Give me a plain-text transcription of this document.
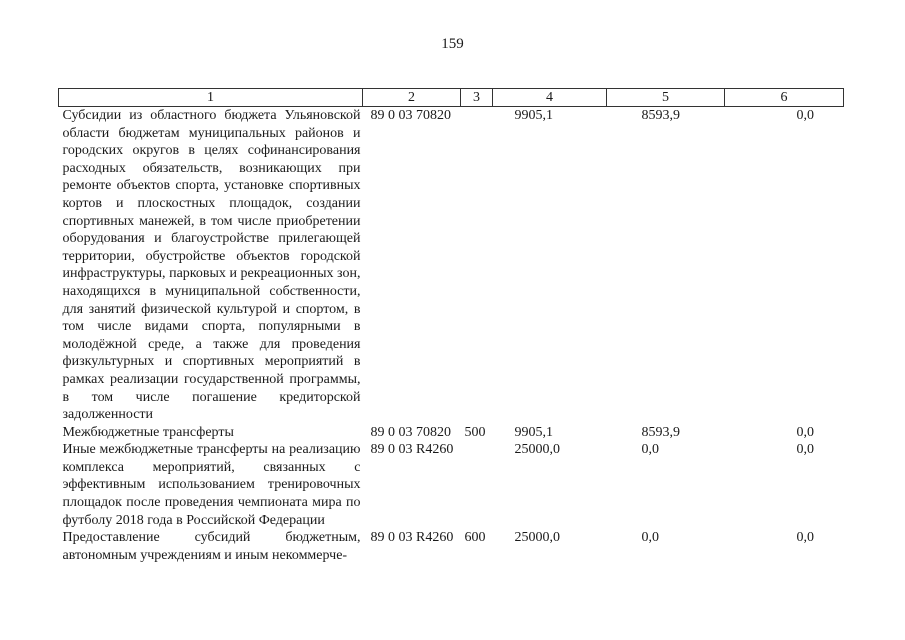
159
1	2	3	4	5	6
Субсидии из областного бюджета Ульяновской области бюджетам муниципальных районов и городских округов в целях софинансирования расходных обязательств, возникающих при ремонте объектов спорта, установке спортивных кортов и плоскостных площадок, создании спортивных манежей, в том числе приобретении оборудования и благоустройстве прилегающей территории, обустройстве объектов городской инфраструктуры, парковых и рекреационных зон, находящихся в муниципальной собственности, для занятий физической культурой и спортом, в том числе видами спорта, популярными в молодёжной среде, а также для проведения физкультурных и спортивных мероприятий в рамках реализации государственной программы, в том числе погашение кредиторской задолженности	89 0 03 70820		9905,1	8593,9	0,0
Межбюджетные трансферты	89 0 03 70820	500	9905,1	8593,9	0,0
Иные межбюджетные трансферты на реализацию комплекса мероприятий, связанных с эффективным использованием тренировочных площадок после проведения чемпионата мира по футболу 2018 года в Российской Федерации	89 0 03 R4260		25000,0	0,0	0,0
Предоставление субсидий бюджетным, автономным учреждениям и иным некоммерче-	89 0 03 R4260	600	25000,0	0,0	0,0
